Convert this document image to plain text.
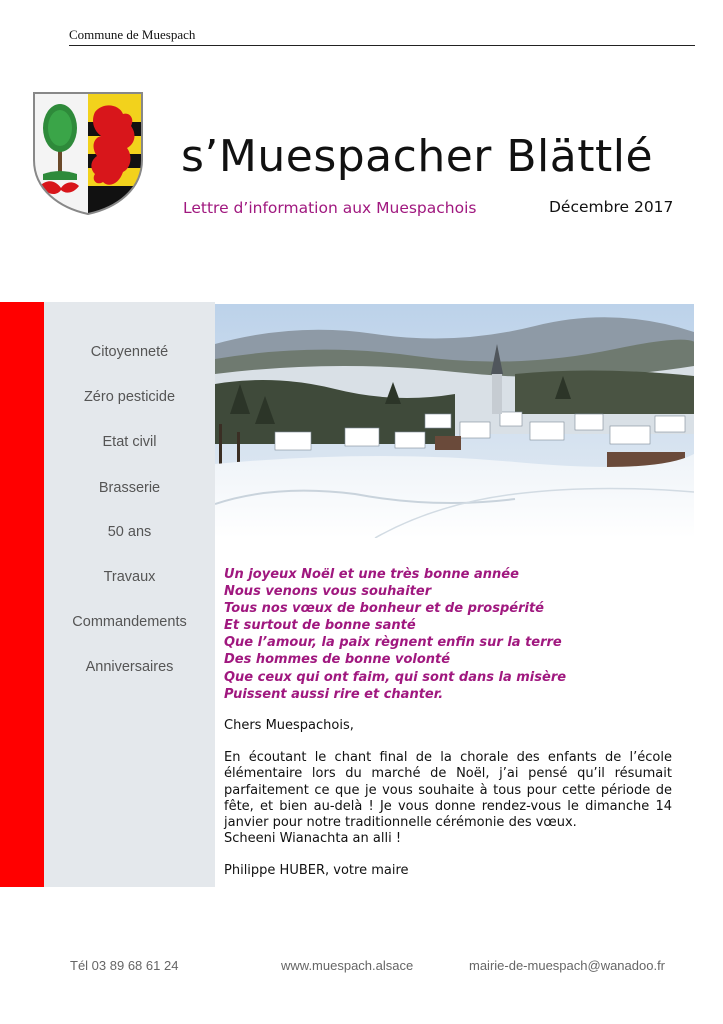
Commune de Muespach
s’Muespacher Blättlé
Lettre d’information aux Muespachois	Décembre 2017
Citoyenneté
Zéro pesticide
Etat civil
Brasserie
50 ans
Travaux
Commandements
Anniversaires
Un joyeux Noël et une très bonne année
Nous venons vous souhaiter
Tous nos vœux de bonheur et de prospérité
Et surtout de bonne santé
Que l’amour, la paix règnent enfin sur la terre
Des hommes de bonne volonté
Que ceux qui ont faim, qui sont dans la misère
Puissent aussi rire et chanter.

Chers Muespachois,

En écoutant le chant final de la chorale des enfants de l’école élémentaire lors du marché de Noël, j’ai pensé qu’il résumait parfaitement ce que je vous souhaite à tous pour cette période de fête, et bien au-delà ! Je vous donne rendez-vous le dimanche 14 janvier pour notre traditionnelle cérémonie des vœux.

Scheeni Wianachta an alli !

Philippe HUBER, votre maire

Tél 03 89 68 61 24	www.muespach.alsace	mairie-de-muespach@wanadoo.fr
